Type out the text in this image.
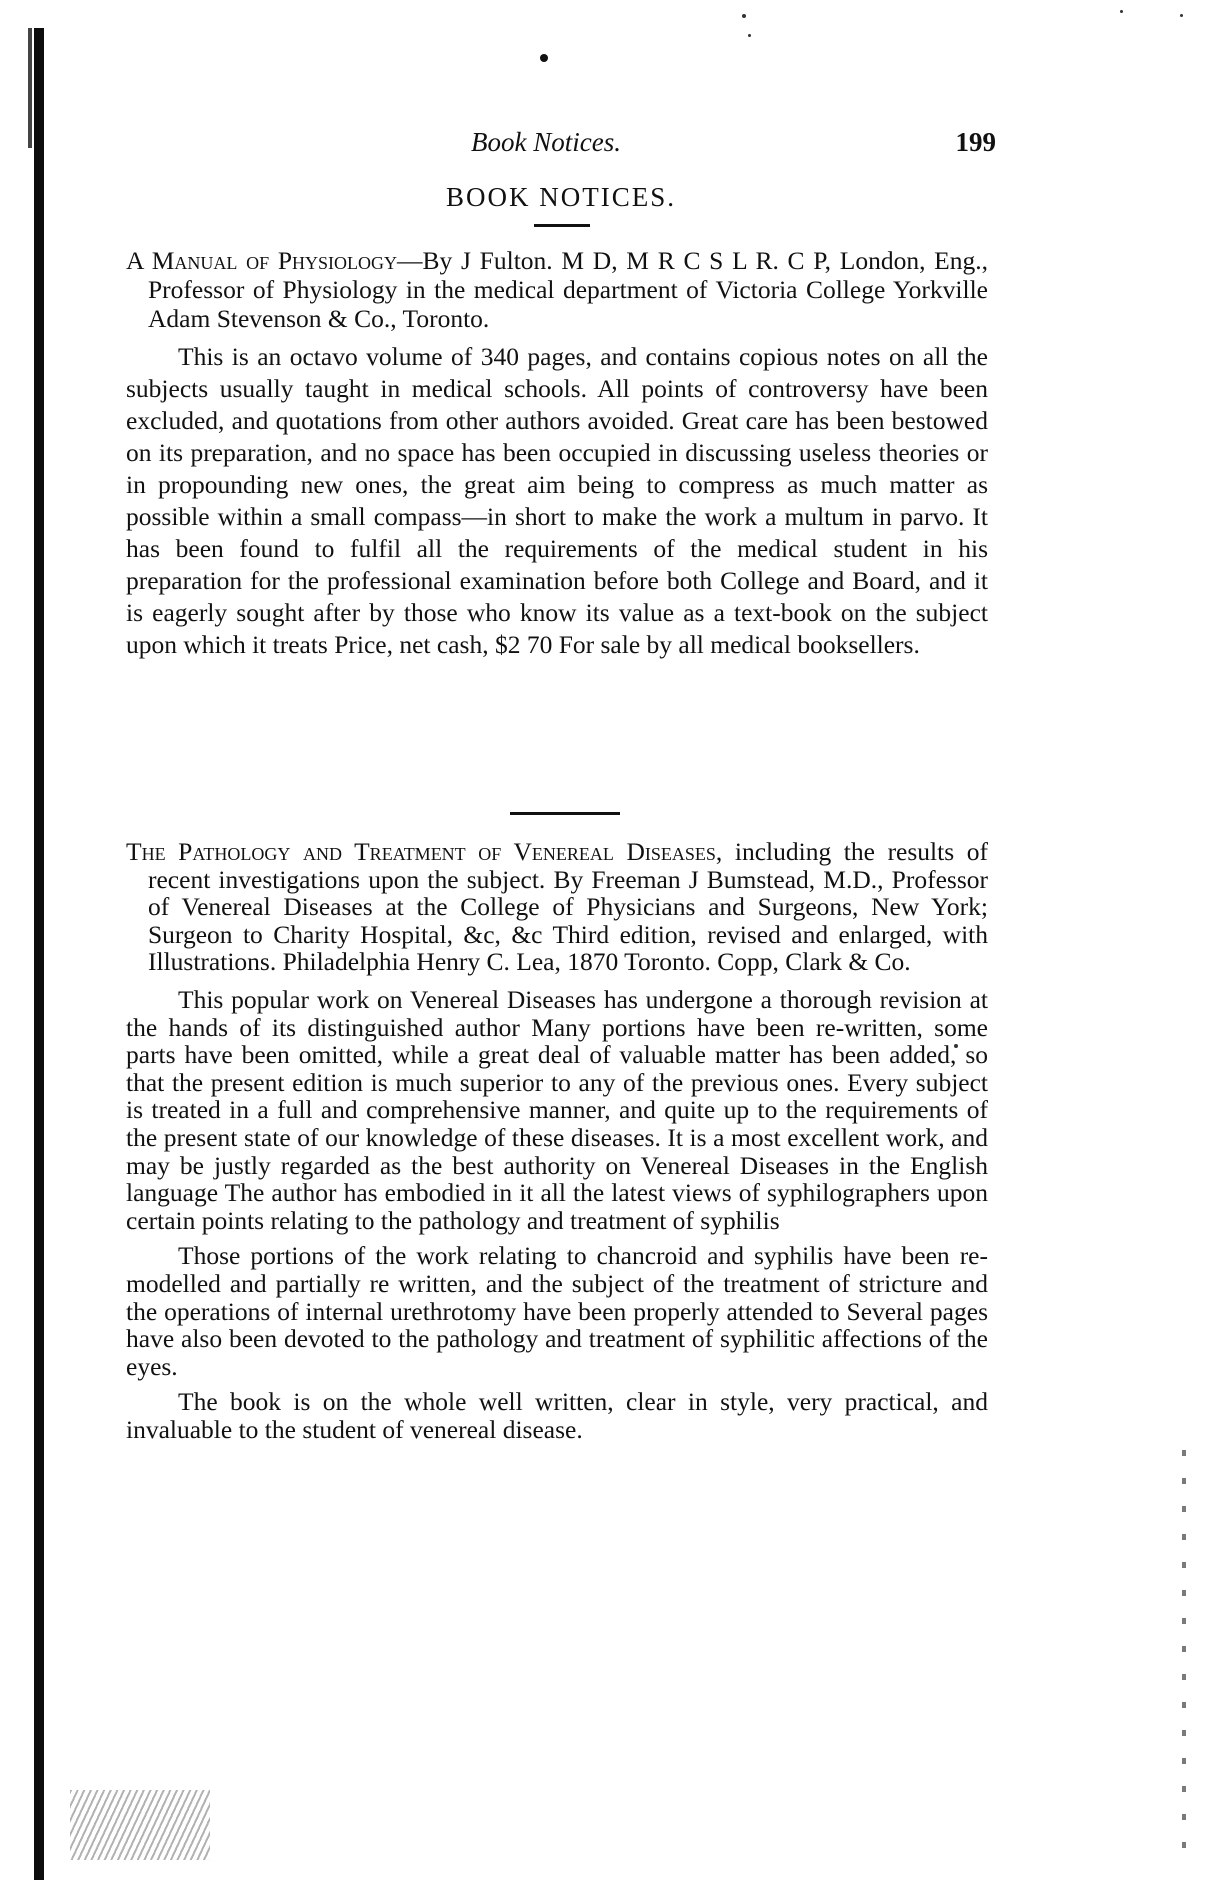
Book Notices.	199
BOOK NOTICES.

A Manual of Physiology—By J Fulton. M D, M R C S L R. C P, London, Eng., Professor of Physiology in the medical department of Victoria College Yorkville Adam Stevenson & Co., Toronto.

This is an octavo volume of 340 pages, and contains copious notes on all the subjects usually taught in medical schools. All points of controversy have been excluded, and quotations from other authors avoided. Great care has been bestowed on its preparation, and no space has been occupied in discussing useless theories or in propounding new ones, the great aim being to compress as much matter as possible within a small compass—in short to make the work a multum in parvo. It has been found to fulfil all the requirements of the medical student in his preparation for the professional examination before both College and Board, and it is eagerly sought after by those who know its value as a text-book on the subject upon which it treats Price, net cash, $2 70 For sale by all medical booksellers.

The Pathology and Treatment of Venereal Diseases, including the results of recent investigations upon the subject. By Freeman J Bumstead, M.D., Professor of Venereal Diseases at the College of Physicians and Surgeons, New York; Surgeon to Charity Hospital, &c, &c Third edition, revised and enlarged, with Illustrations. Philadelphia Henry C. Lea, 1870 Toronto. Copp, Clark & Co.

This popular work on Venereal Diseases has undergone a thorough revision at the hands of its distinguished author Many portions have been re-written, some parts have been omitted, while a great deal of valuable matter has been added, so that the present edition is much superior to any of the previous ones. Every subject is treated in a full and comprehensive manner, and quite up to the requirements of the present state of our knowledge of these diseases. It is a most excellent work, and may be justly regarded as the best authority on Venereal Diseases in the English language The author has embodied in it all the latest views of syphilographers upon certain points relating to the pathology and treatment of syphilis

Those portions of the work relating to chancroid and syphilis have been re-modelled and partially re written, and the subject of the treatment of stricture and the operations of internal urethrotomy have been properly attended to Several pages have also been devoted to the pathology and treatment of syphilitic affections of the eyes.

The book is on the whole well written, clear in style, very practical, and invaluable to the student of venereal disease.
